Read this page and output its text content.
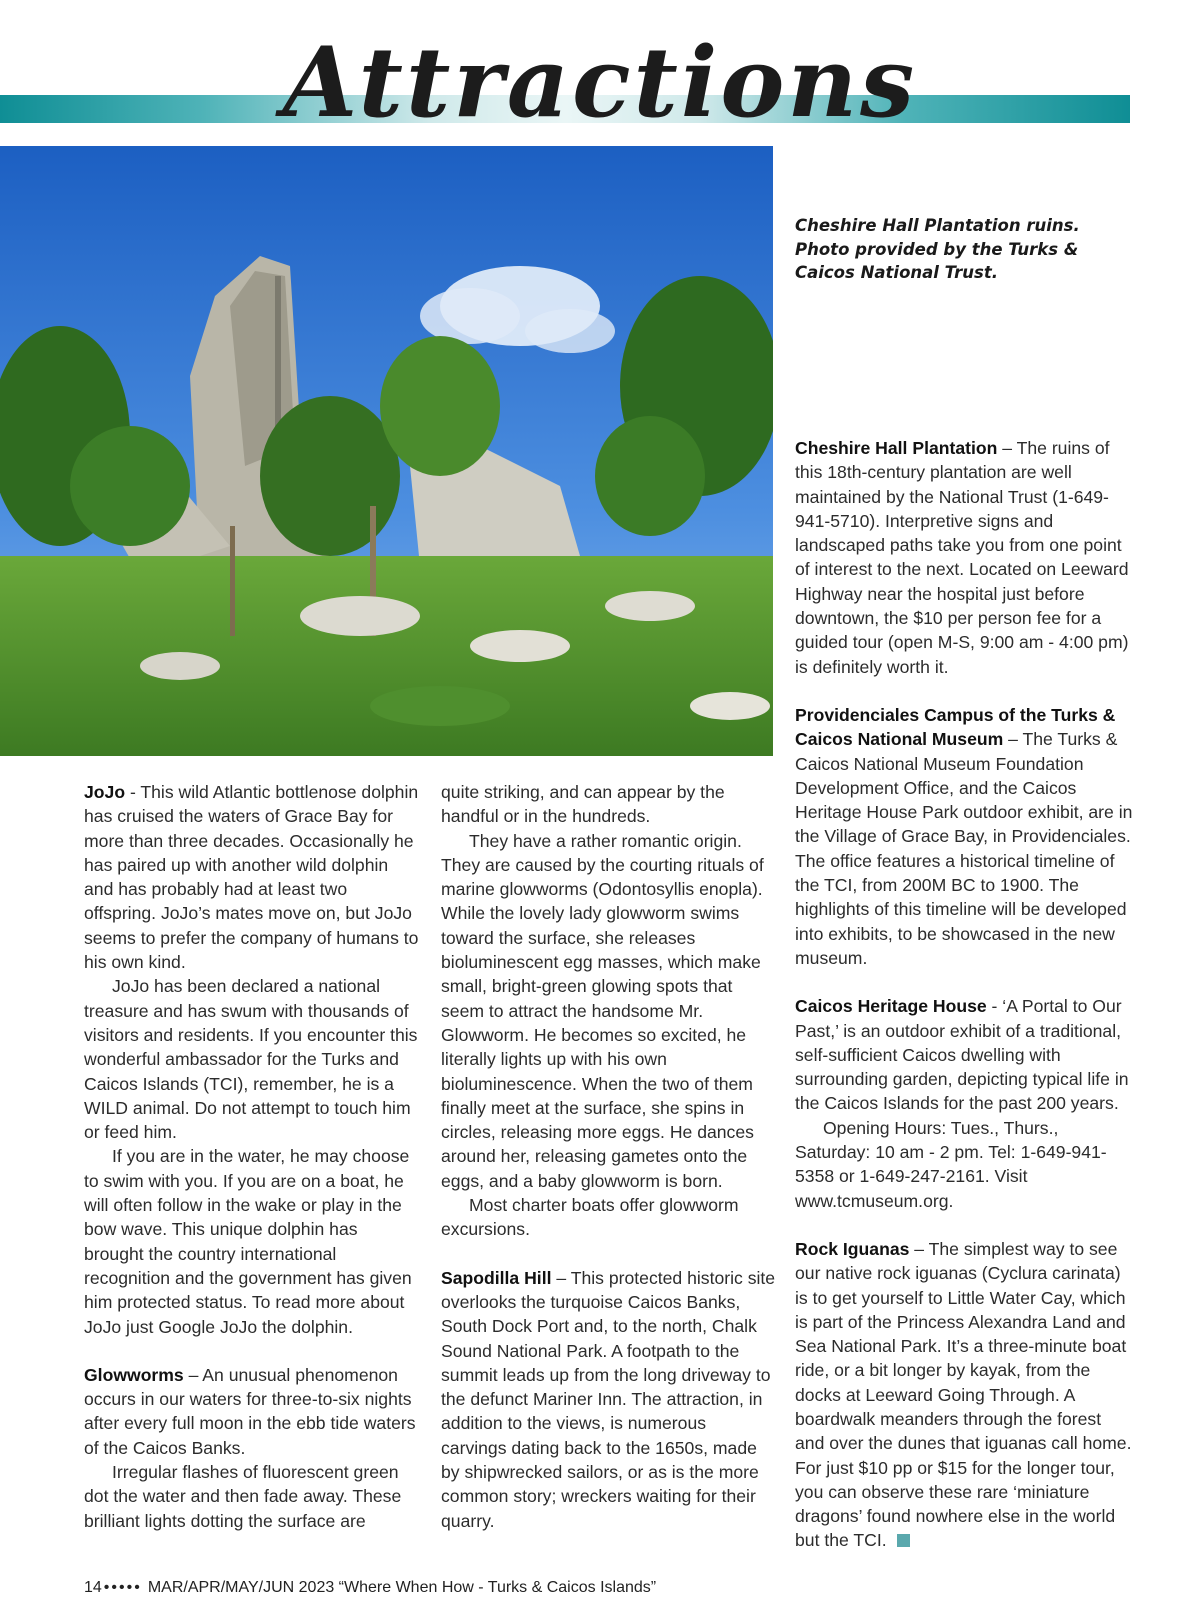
Attractions
Cheshire Hall Plantation ruins. Photo provided by the Turks & Caicos National Trust.

JoJo - This wild Atlantic bottlenose dolphin has cruised the waters of Grace Bay for more than three decades. Occasionally he has paired up with another wild dolphin and has probably had at least two offspring. JoJo’s mates move on, but JoJo seems to prefer the company of humans to his own kind.

JoJo has been declared a national treasure and has swum with thousands of visitors and residents. If you encounter this wonderful ambassador for the Turks and Caicos Islands (TCI), remember, he is a WILD animal. Do not attempt to touch him or feed him.

If you are in the water, he may choose to swim with you. If you are on a boat, he will often follow in the wake or play in the bow wave. This unique dolphin has brought the country international recognition and the government has given him protected status. To read more about JoJo just Google JoJo the dolphin.

Glowworms – An unusual phenomenon occurs in our waters for three-to-six nights after every full moon in the ebb tide waters of the Caicos Banks.

Irregular flashes of fluorescent green dot the water and then fade away. These brilliant lights dotting the surface are

quite striking, and can appear by the handful or in the hundreds.

They have a rather romantic origin. They are caused by the courting rituals of marine glowworms (Odontosyllis enopla). While the lovely lady glowworm swims toward the surface, she releases bioluminescent egg masses, which make small, bright-green glowing spots that seem to attract the handsome Mr. Glowworm. He becomes so excited, he literally lights up with his own bioluminescence. When the two of them finally meet at the surface, she spins in circles, releasing more eggs. He dances around her, releasing gametes onto the eggs, and a baby glowworm is born.

Most charter boats offer glowworm excursions.

Sapodilla Hill – This protected historic site overlooks the turquoise Caicos Banks, South Dock Port and, to the north, Chalk Sound National Park. A footpath to the summit leads up from the long driveway to the defunct Mariner Inn. The attraction, in addition to the views, is numerous carvings dating back to the 1650s, made by shipwrecked sailors, or as is the more common story; wreckers waiting for their quarry.

Cheshire Hall Plantation – The ruins of this 18th-century plantation are well maintained by the National Trust (1-649-941-5710). Interpretive signs and landscaped paths take you from one point of interest to the next. Located on Leeward Highway near the hospital just before downtown, the $10 per person fee for a guided tour (open M-S, 9:00 am - 4:00 pm) is definitely worth it.

Providenciales Campus of the Turks & Caicos National Museum – The Turks & Caicos National Museum Foundation Development Office, and the Caicos Heritage House Park outdoor exhibit, are in the Village of Grace Bay, in Providenciales. The office features a historical timeline of the TCI, from 200M BC to 1900. The highlights of this timeline will be developed into exhibits, to be showcased in the new museum.

Caicos Heritage House - ‘A Portal to Our Past,’ is an outdoor exhibit of a traditional, self-sufficient Caicos dwelling with surrounding garden, depicting typical life in the Caicos Islands for the past 200 years.

Opening Hours: Tues., Thurs., Saturday: 10 am - 2 pm. Tel: 1-649-941-5358 or 1-649-247-2161. Visit www.tcmuseum.org.

Rock Iguanas – The simplest way to see our native rock iguanas (Cyclura carinata) is to get yourself to Little Water Cay, which is part of the Princess Alexandra Land and Sea National Park. It’s a three-minute boat ride, or a bit longer by kayak, from the docks at Leeward Going Through. A boardwalk meanders through the forest and over the dunes that iguanas call home. For just $10 pp or $15 for the longer tour, you can observe these rare ‘miniature dragons’ found nowhere else in the world but the TCI.

14 ••••• MAR/APR/MAY/JUN 2023 “Where When How - Turks & Caicos Islands”
